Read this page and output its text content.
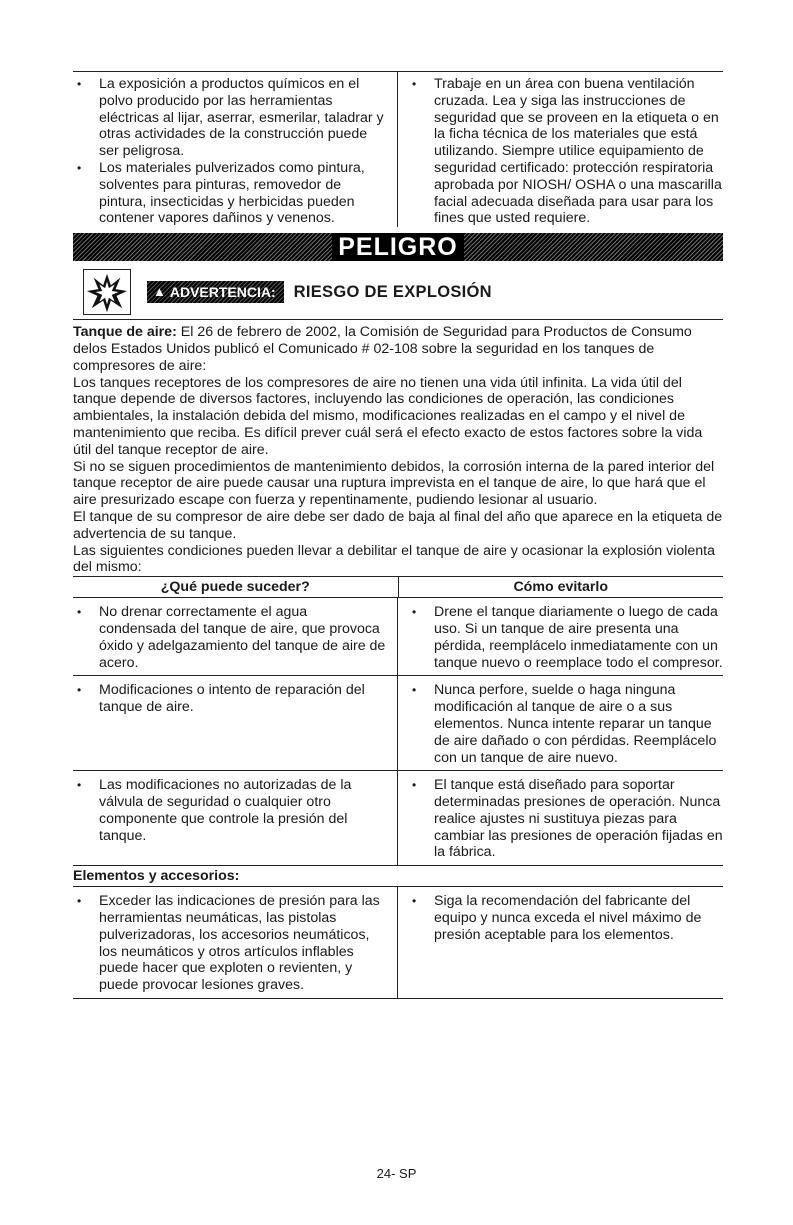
• La exposición a productos químicos en el polvo producido por las herramientas eléctricas al lijar, aserrar, esmerilar, taladrar y otras actividades de la construcción puede ser peligrosa.
• Los materiales pulverizados como pintura, solventes para pinturas, removedor de pintura, insecticidas y herbicidas pueden contener vapores dañinos y venenos.
• Trabaje en un área con buena ventilación cruzada. Lea y siga las instrucciones de seguridad que se proveen en la etiqueta o en la ficha técnica de los materiales que está utilizando. Siempre utilice equipamiento de seguridad certificado: protección respiratoria aprobada por NIOSH/ OSHA o una mascarilla facial adecuada diseñada para usar para los fines que usted requiere.
PELIGRO
▲ ADVERTENCIA: RIESGO DE EXPLOSIÓN

Tanque de aire: El 26 de febrero de 2002, la Comisión de Seguridad para Productos de Consumo delos Estados Unidos publicó el Comunicado # 02-108 sobre la seguridad en los tanques de compresores de aire:

Los tanques receptores de los compresores de aire no tienen una vida útil infinita. La vida útil del tanque depende de diversos factores, incluyendo las condiciones de operación, las condiciones ambientales, la instalación debida del mismo, modificaciones realizadas en el campo y el nivel de mantenimiento que reciba. Es difícil prever cuál será el efecto exacto de estos factores sobre la vida útil del tanque receptor de aire.

Si no se siguen procedimientos de mantenimiento debidos, la corrosión interna de la pared interior del tanque receptor de aire puede causar una ruptura imprevista en el tanque de aire, lo que hará que el aire presurizado escape con fuerza y repentinamente, pudiendo lesionar al usuario.

El tanque de su compresor de aire debe ser dado de baja al final del año que aparece en la etiqueta de advertencia de su tanque.

Las siguientes condiciones pueden llevar a debilitar el tanque de aire y ocasionar la explosión violenta del mismo:

¿Qué puede suceder?	Cómo evitarlo
• No drenar correctamente el agua condensada del tanque de aire, que provoca óxido y adelgazamiento del tanque de aire de acero.
• Drene el tanque diariamente o luego de cada uso. Si un tanque de aire presenta una pérdida, reemplácelo inmediatamente con un tanque nuevo o reemplace todo el compresor.
• Modificaciones o intento de reparación del tanque de aire.
• Nunca perfore, suelde o haga ninguna modificación al tanque de aire o a sus elementos. Nunca intente reparar un tanque de aire dañado o con pérdidas. Reemplácelo con un tanque de aire nuevo.
• Las modificaciones no autorizadas de la válvula de seguridad o cualquier otro componente que controle la presión del tanque.
• El tanque está diseñado para soportar determinadas presiones de operación. Nunca realice ajustes ni sustituya piezas para cambiar las presiones de operación fijadas en la fábrica.
Elementos y accesorios:
• Exceder las indicaciones de presión para las herramientas neumáticas, las pistolas pulverizadoras, los accesorios neumáticos, los neumáticos y otros artículos inflables puede hacer que exploten o revienten, y puede provocar lesiones graves.
• Siga la recomendación del fabricante del equipo y nunca exceda el nivel máximo de presión aceptable para los elementos.
24- SP
